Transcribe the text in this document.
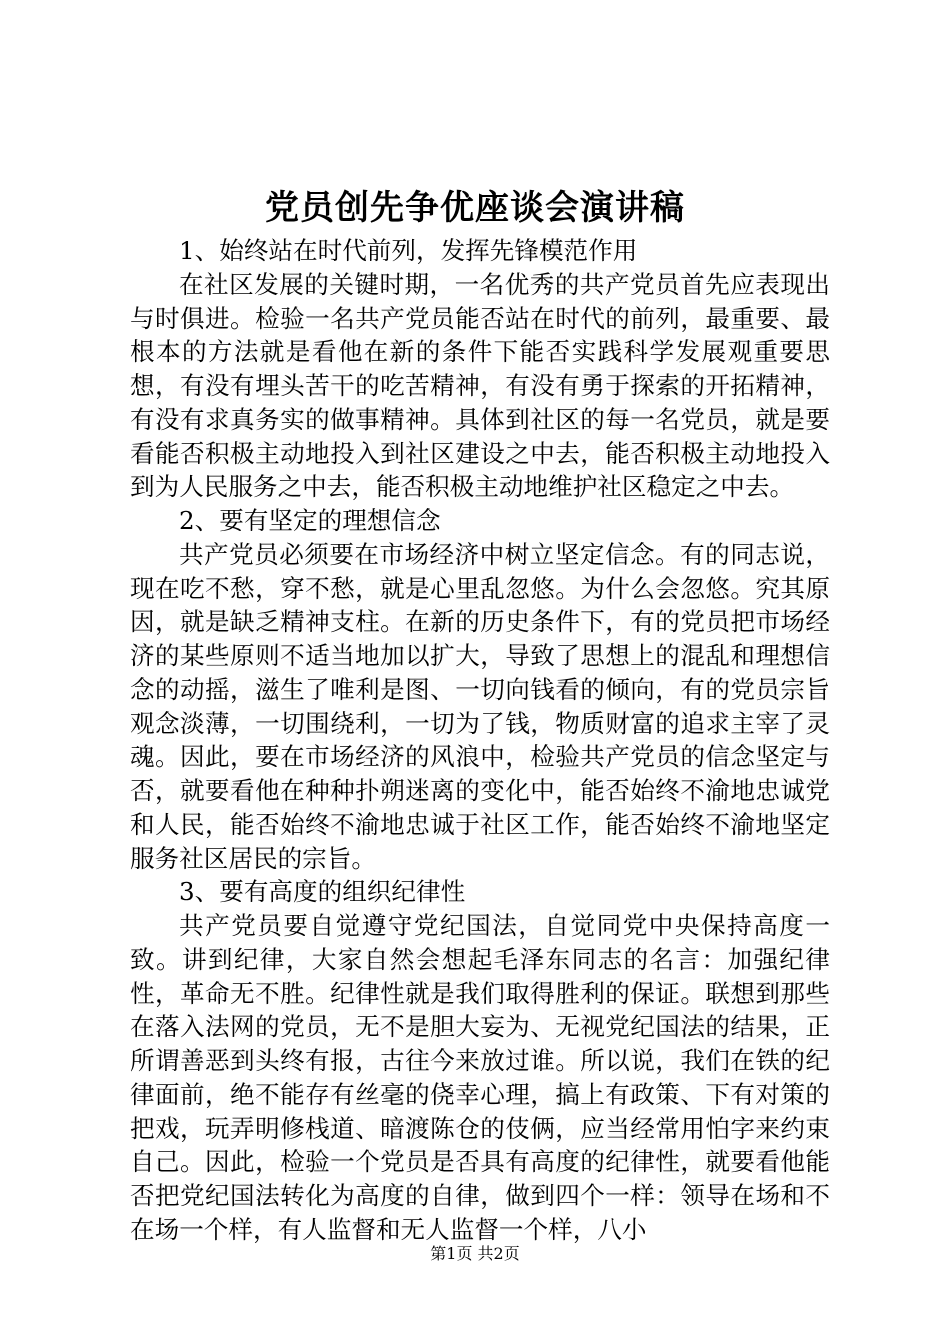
党员创先争优座谈会演讲稿

1、始终站在时代前列，发挥先锋模范作用

在社区发展的关键时期，一名优秀的共产党员首先应表现出与时俱进。检验一名共产党员能否站在时代的前列，最重要、最根本的方法就是看他在新的条件下能否实践科学发展观重要思想，有没有埋头苦干的吃苦精神，有没有勇于探索的开拓精神，有没有求真务实的做事精神。具体到社区的每一名党员，就是要看能否积极主动地投入到社区建设之中去，能否积极主动地投入到为人民服务之中去，能否积极主动地维护社区稳定之中去。

2、要有坚定的理想信念

共产党员必须要在市场经济中树立坚定信念。有的同志说，现在吃不愁，穿不愁，就是心里乱忽悠。为什么会忽悠。究其原因，就是缺乏精神支柱。在新的历史条件下，有的党员把市场经济的某些原则不适当地加以扩大，导致了思想上的混乱和理想信念的动摇，滋生了唯利是图、一切向钱看的倾向，有的党员宗旨观念淡薄，一切围绕利，一切为了钱，物质财富的追求主宰了灵魂。因此，要在市场经济的风浪中，检验共产党员的信念坚定与否，就要看他在种种扑朔迷离的变化中，能否始终不渝地忠诚党和人民，能否始终不渝地忠诚于社区工作，能否始终不渝地坚定服务社区居民的宗旨。

3、要有高度的组织纪律性

共产党员要自觉遵守党纪国法，自觉同党中央保持高度一致。讲到纪律，大家自然会想起毛泽东同志的名言：加强纪律性，革命无不胜。纪律性就是我们取得胜利的保证。联想到那些在落入法网的党员，无不是胆大妄为、无视党纪国法的结果，正所谓善恶到头终有报，古往今来放过谁。所以说，我们在铁的纪律面前，绝不能存有丝毫的侥幸心理，搞上有政策、下有对策的把戏，玩弄明修栈道、暗渡陈仓的伎俩，应当经常用怕字来约束自己。因此，检验一个党员是否具有高度的纪律性，就要看他能否把党纪国法转化为高度的自律，做到四个一样：领导在场和不在场一个样，有人监督和无人监督一个样，八小

第1页 共2页
